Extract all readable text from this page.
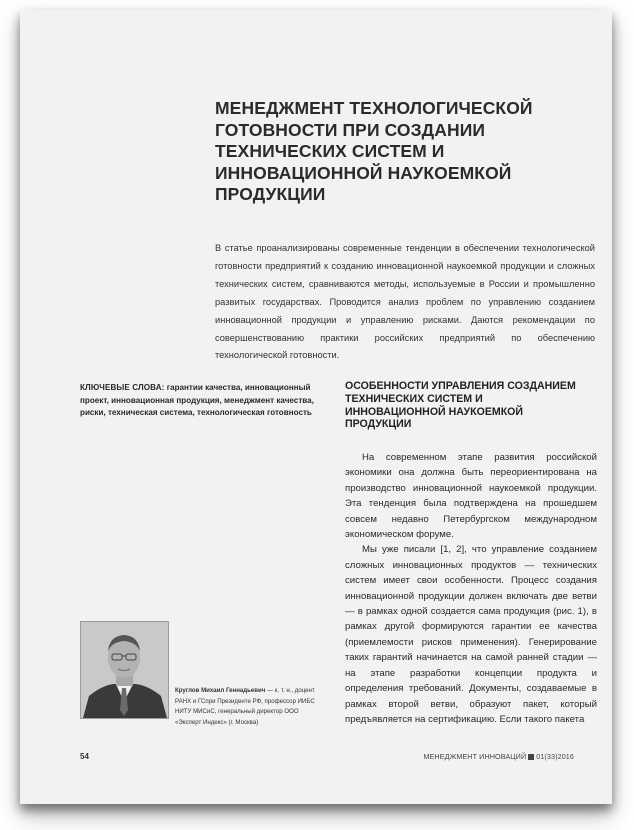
МЕНЕДЖМЕНТ ТЕХНОЛОГИЧЕСКОЙ ГОТОВНОСТИ ПРИ СОЗДАНИИ ТЕХНИЧЕСКИХ СИСТЕМ И ИННОВАЦИОННОЙ НАУКОЕМКОЙ ПРОДУКЦИИ
В статье проанализированы современные тенденции в обеспечении технологической готовности предприятий к созданию инновационной наукоемкой продукции и сложных технических систем, сравниваются методы, используемые в России и промышленно развитых государствах. Проводится анализ проблем по управлению созданием инновационной продукции и управлению рисками. Даются рекомендации по совершенствованию практики российских предприятий по обеспечению технологической готовности.
КЛЮЧЕВЫЕ СЛОВА: гарантии качества, инновационный проект, инновационная продукция, менеджмент качества, риски, техническая система, технологическая готовность
ОСОБЕННОСТИ УПРАВЛЕНИЯ СОЗДАНИЕМ ТЕХНИЧЕСКИХ СИСТЕМ И ИННОВАЦИОННОЙ НАУКОЕМКОЙ ПРОДУКЦИИ

На современном этапе развития российской экономики она должна быть переориентирована на производство инновационной наукоемкой продукции. Эта тенденция была подтверждена на прошедшем совсем недавно Петербургском международном экономическом форуме.

Мы уже писали [1, 2], что управление созданием сложных инновационных продуктов — технических систем имеет свои особенности. Процесс создания инновационной продукции должен включать две ветви — в рамках одной создается сама продукция (рис. 1), в рамках другой формируются гарантии ее качества (приемлемости рисков применения). Генерирование таких гарантий начинается на самой ранней стадии — на этапе разработки концепции продукта и определения требований. Документы, создаваемые в рамках второй ветви, образуют пакет, который предъявляется на сертификацию. Если такого пакета

Круглов Михаил Геннадьевич — к. т. н., доцент РАНХ и ГСпри Президенте РФ, профессор ИИБС НИТУ МИСиС, генеральный директор ООО «Эксперт Индекс» (г. Москва)
54	МЕНЕДЖМЕНТ ИННОВАЦИЙ 01(33)2016
